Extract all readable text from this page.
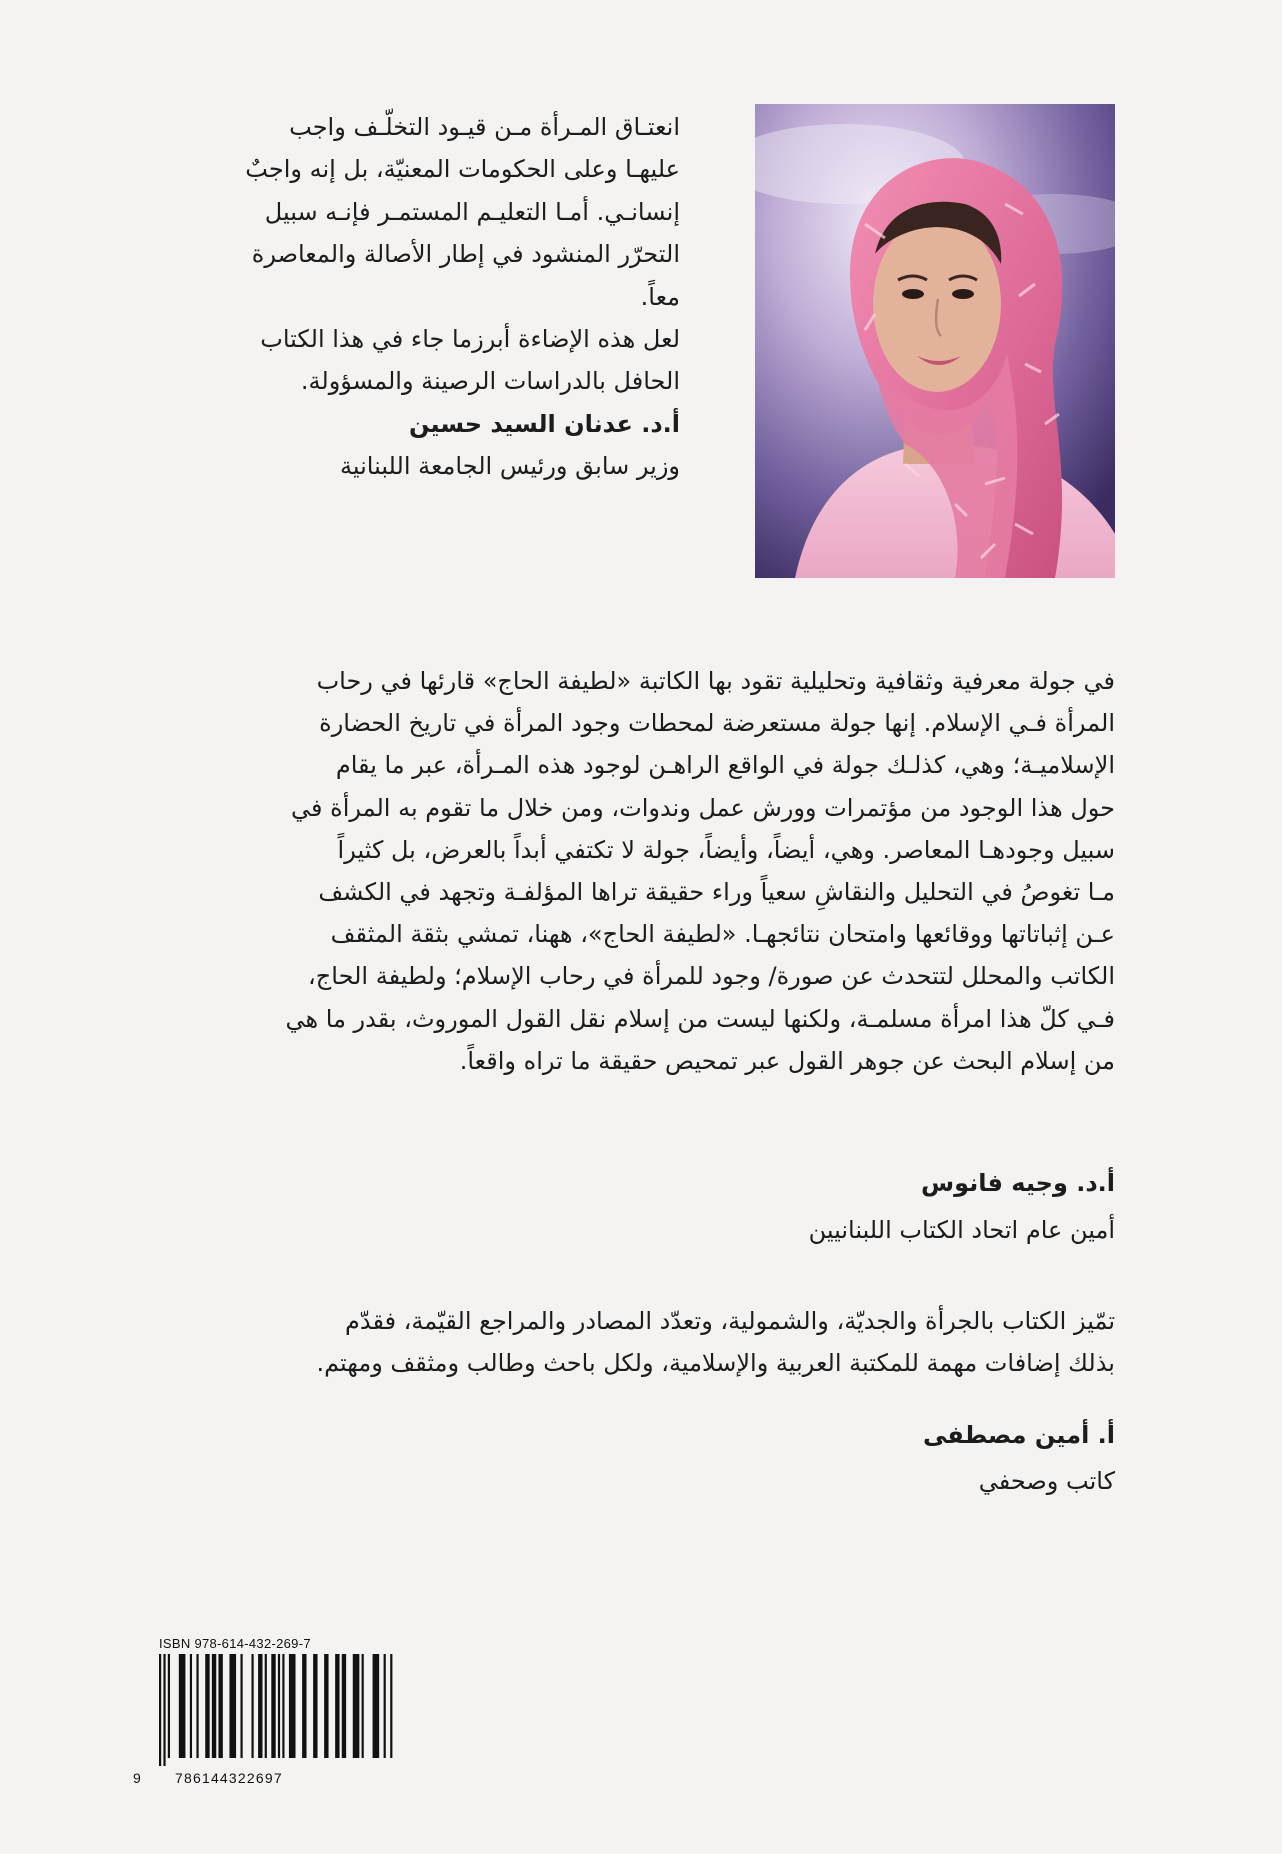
انعتـاق المـرأة مـن قيـود التخلّـف واجب

عليهـا وعلى الحكومات المعنيّة، بل إنه واجبٌ

إنسانـي. أمـا التعليـم المستمـر فإنـه سبيل

التحرّر المنشود في إطار الأصالة والمعاصرة

معاً.

لعل هذه الإضاءة أبرزما جاء في هذا الكتاب

الحافل بالدراسات الرصينة والمسؤولة.

أ.د. عدنان السيد حسين

وزير سابق ورئيس الجامعة اللبنانية

في جولة معرفية وثقافية وتحليلية تقود بها الكاتبة «لطيفة الحاج» قارئها في رحاب

المرأة فـي الإسلام. إنها جولة مستعرضة لمحطات وجود المرأة في تاريخ الحضارة

الإسلاميـة؛ وهي، كذلـك جولة في الواقع الراهـن لوجود هذه المـرأة، عبر ما يقام

حول هذا الوجود من مؤتمرات وورش عمل وندوات، ومن خلال ما تقوم به المرأة في

سبيل وجودهـا المعاصر. وهي، أيضاً، وأيضاً، جولة لا تكتفي أبداً بالعرض، بل كثيراً

مـا تغوصُ في التحليل والنقاشِ سعياً وراء حقيقة تراها المؤلفـة وتجهد في الكشف

عـن إثباتاتها ووقائعها وامتحان نتائجهـا. «لطيفة الحاج»، ههنا، تمشي بثقة المثقف

الكاتب والمحلل لتتحدث عن صورة/ وجود للمرأة في رحاب الإسلام؛ ولطيفة الحاج،

فـي كلّ هذا امرأة مسلمـة، ولكنها ليست من إسلام نقل القول الموروث، بقدر ما هي

من إسلام البحث عن جوهر القول عبر تمحيص حقيقة ما تراه واقعاً.

أ.د. وجيه فانوس
أمين عام اتحاد الكتاب اللبنانيين

تمّيز الكتاب بالجرأة والجديّة، والشمولية، وتعدّد المصادر والمراجع القيّمة، فقدّم

بذلك إضافات مهمة للمكتبة العربية والإسلامية، ولكل باحث وطالب ومثقف ومهتم.

أ. أمين مصطفى
كاتب وصحفي
ISBN 978-614-432-269-7
9 786144322697
